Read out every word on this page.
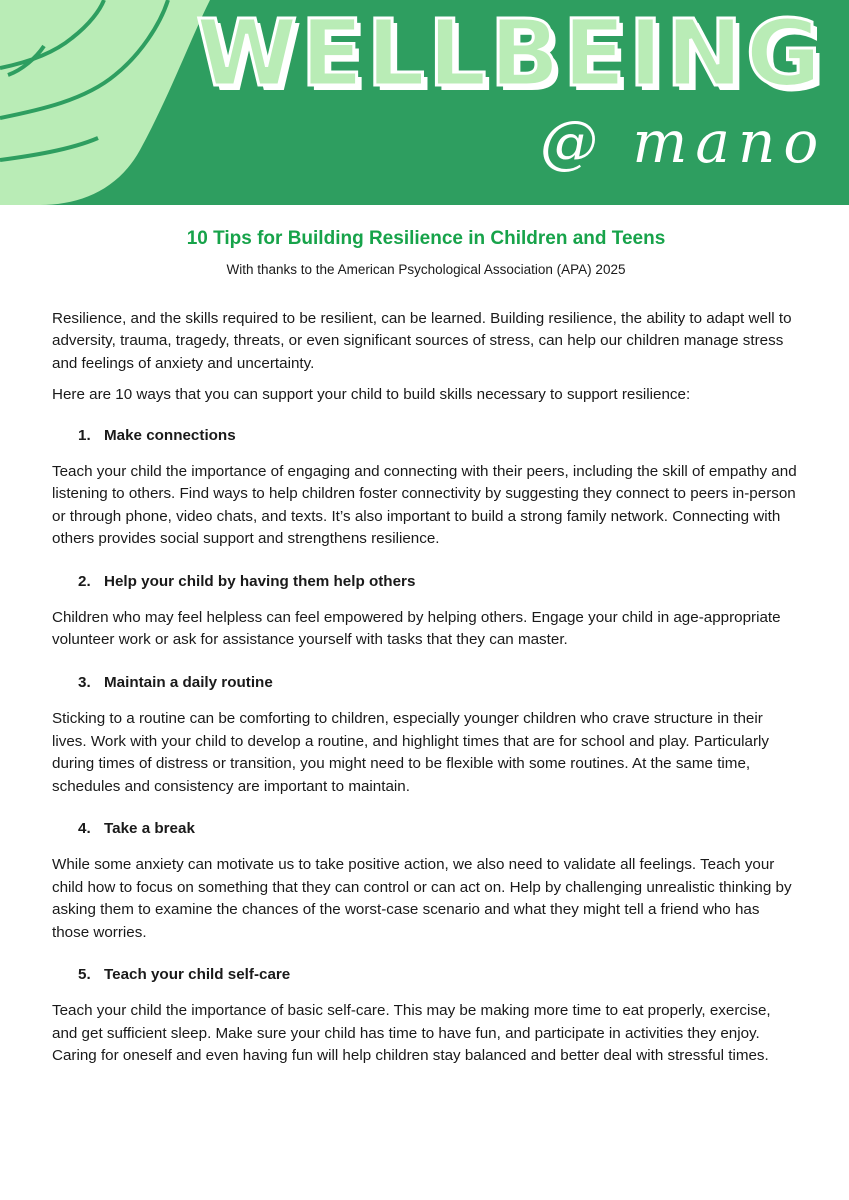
WELLBEING
@ mano
10 Tips for Building Resilience in Children and Teens
With thanks to the American Psychological Association (APA) 2025

Resilience, and the skills required to be resilient, can be learned. Building resilience, the ability to adapt well to adversity, trauma, tragedy, threats, or even significant sources of stress, can help our children manage stress and feelings of anxiety and uncertainty.

Here are 10 ways that you can support your child to build skills necessary to support resilience:

1. Make connections

Teach your child the importance of engaging and connecting with their peers, including the skill of empathy and listening to others. Find ways to help children foster connectivity by suggesting they connect to peers in-person or through phone, video chats, and texts. It’s also important to build a strong family network. Connecting with others provides social support and strengthens resilience.

2. Help your child by having them help others

Children who may feel helpless can feel empowered by helping others. Engage your child in age-appropriate volunteer work or ask for assistance yourself with tasks that they can master.

3. Maintain a daily routine

Sticking to a routine can be comforting to children, especially younger children who crave structure in their lives. Work with your child to develop a routine, and highlight times that are for school and play. Particularly during times of distress or transition, you might need to be flexible with some routines. At the same time, schedules and consistency are important to maintain.

4. Take a break

While some anxiety can motivate us to take positive action, we also need to validate all feelings. Teach your child how to focus on something that they can control or can act on. Help by challenging unrealistic thinking by asking them to examine the chances of the worst-case scenario and what they might tell a friend who has those worries.

5. Teach your child self-care

Teach your child the importance of basic self-care. This may be making more time to eat properly, exercise, and get sufficient sleep. Make sure your child has time to have fun, and participate in activities they enjoy. Caring for oneself and even having fun will help children stay balanced and better deal with stressful times.
